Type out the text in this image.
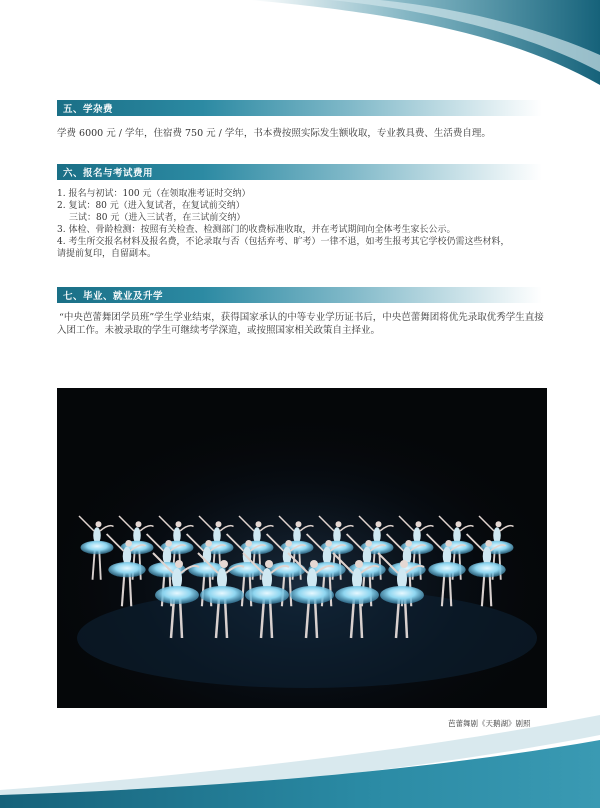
五、学杂费

学费 6000 元 / 学年，住宿费 750 元 / 学年，书本费按照实际发生额收取，专业教具费、生活费自理。

六、报名与考试费用
1. 报名与初试：100 元（在领取准考证时交纳）
2. 复试：80 元（进入复试者，在复试前交纳）
三试：80 元（进入三试者，在三试前交纳）
3. 体检、骨龄检测：按照有关检查、检测部门的收费标准收取，并在考试期间向全体考生家长公示。
4. 考生所交报名材料及报名费，不论录取与否（包括弃考、旷考）一律不退，如考生报考其它学校仍需这些材料，
请提前复印，自留副本。
七、毕业、就业及升学

“中央芭蕾舞团学员班”学生学业结束，获得国家承认的中等专业学历证书后，中央芭蕾舞团将优先录取优秀学生直接入团工作。未被录取的学生可继续考学深造，或按照国家相关政策自主择业。

芭蕾舞剧《天鹅湖》剧照
